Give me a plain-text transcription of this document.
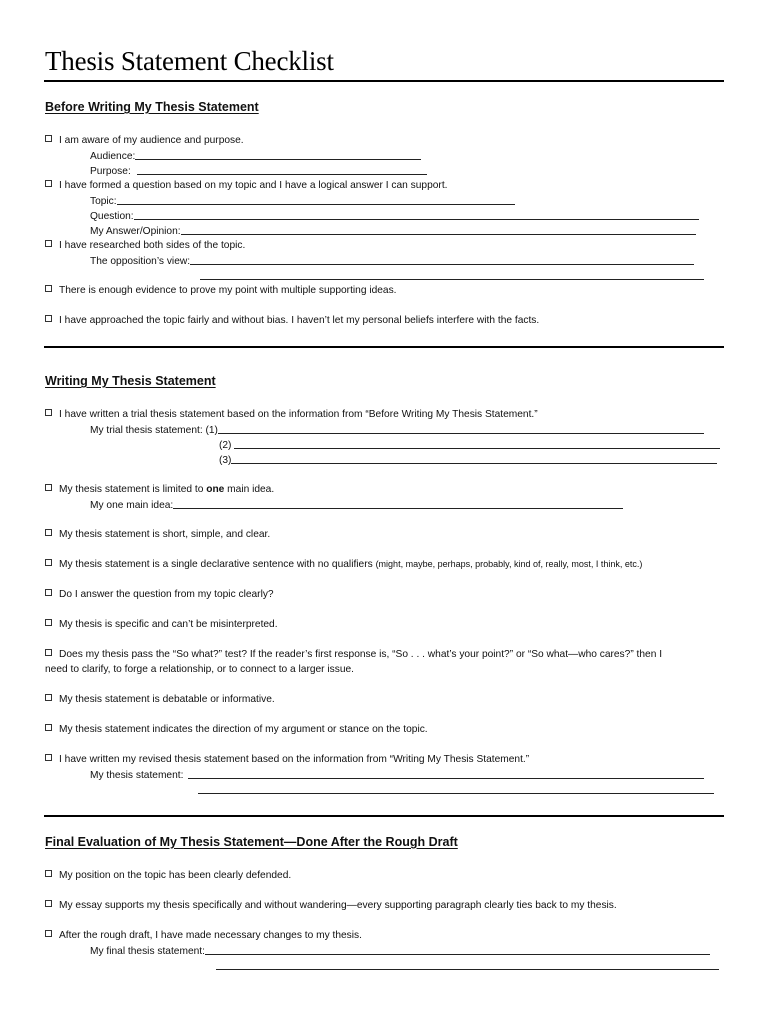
Thesis Statement Checklist
Before Writing My Thesis Statement
I am aware of my audience and purpose.
Audience:
Purpose:
I have formed a question based on my topic and I have a logical answer I can support.
Topic:
Question:
My Answer/Opinion:
I have researched both sides of the topic.
The opposition’s view:
There is enough evidence to prove my point with multiple supporting ideas.
I have approached the topic fairly and without bias. I haven’t let my personal beliefs interfere with the facts.
Writing My Thesis Statement
I have written a trial thesis statement based on the information from “Before Writing My Thesis Statement.”
My trial thesis statement: (1)
(2)
(3)
My thesis statement is limited to one main idea.
My one main idea:
My thesis statement is short, simple, and clear.
My thesis statement is a single declarative sentence with no qualifiers (might, maybe, perhaps, probably, kind of, really, most, I think, etc.)
Do I answer the question from my topic clearly?
My thesis is specific and can’t be misinterpreted.
Does my thesis pass the “So what?” test? If the reader’s first response is, “So . . . what’s your point?” or “So what—who cares?” then I
need to clarify, to forge a relationship, or to connect to a larger issue.
My thesis statement is debatable or informative.
My thesis statement indicates the direction of my argument or stance on the topic.
I have written my revised thesis statement based on the information from “Writing My Thesis Statement.”
My thesis statement:
Final Evaluation of My Thesis Statement—Done After the Rough Draft
My position on the topic has been clearly defended.
My essay supports my thesis specifically and without wandering—every supporting paragraph clearly ties back to my thesis.
After the rough draft, I have made necessary changes to my thesis.
My final thesis statement:
